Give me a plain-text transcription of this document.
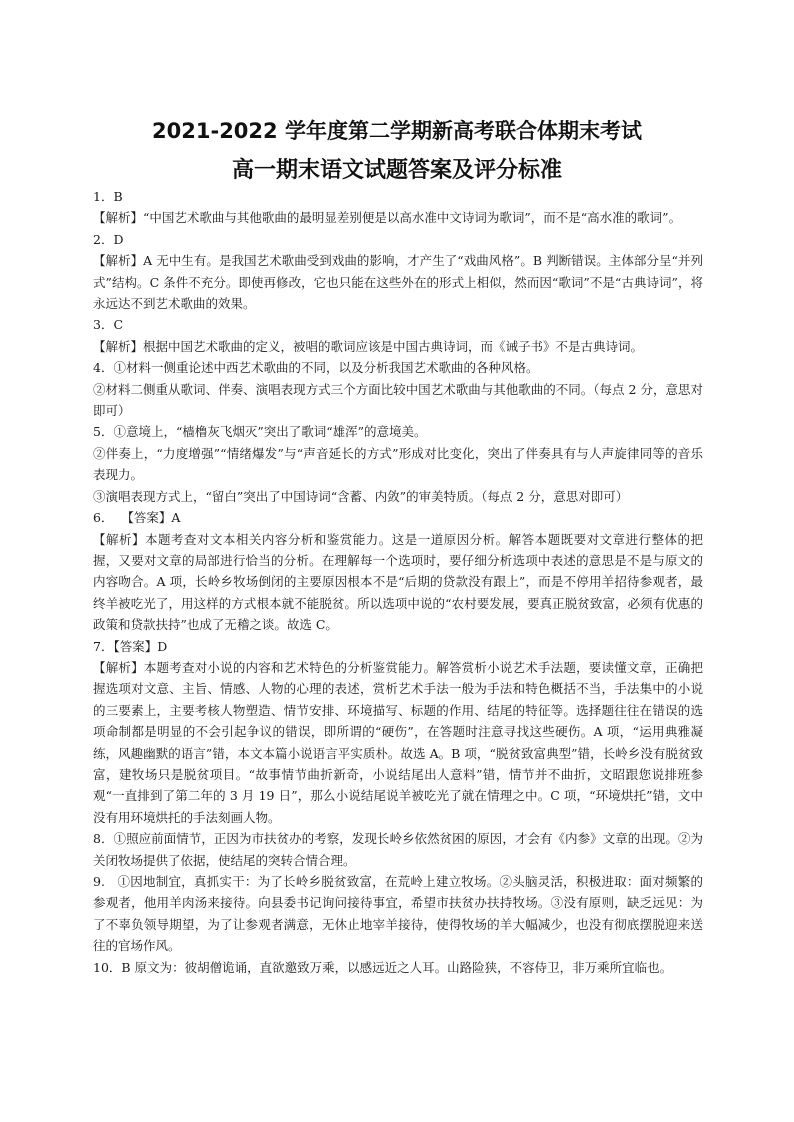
2021-2022 学年度第二学期新高考联合体期末考试
高一期末语文试题答案及评分标准

1．B

【解析】“中国艺术歌曲与其他歌曲的最明显差别便是以高水准中文诗词为歌词”，而不是“高水准的歌词”。

2．D

【解析】A 无中生有。是我国艺术歌曲受到戏曲的影响，才产生了“戏曲风格”。B 判断错误。主体部分呈“并列式”结构。C 条件不充分。即使再修改，它也只能在这些外在的形式上相似，然而因“歌词”不是“古典诗词”，将永远达不到艺术歌曲的效果。

3．C

【解析】根据中国艺术歌曲的定义，被唱的歌词应该是中国古典诗词，而《诫子书》不是古典诗词。

4．①材料一侧重论述中西艺术歌曲的不同，以及分析我国艺术歌曲的各种风格。

②材料二侧重从歌词、伴奏、演唱表现方式三个方面比较中国艺术歌曲与其他歌曲的不同。（每点 2 分，意思对即可）

5．①意境上，“樯橹灰飞烟灭”突出了歌词“雄浑”的意境美。

②伴奏上，“力度增强”“情绪爆发”与“声音延长的方式”形成对比变化，突出了伴奏具有与人声旋律同等的音乐表现力。

③演唱表现方式上，“留白”突出了中国诗词“含蓄、内敛”的审美特质。（每点 2 分，意思对即可）

6．  【答案】A

【解析】本题考查对文本相关内容分析和鉴赏能力。这是一道原因分析。解答本题既要对文章进行整体的把握，又要对文章的局部进行恰当的分析。在理解每一个选项时，要仔细分析选项中表述的意思是不是与原文的内容吻合。A 项，长岭乡牧场倒闭的主要原因根本不是“后期的贷款没有跟上”，而是不停用羊招待参观者，最终羊被吃光了，用这样的方式根本就不能脱贫。所以选项中说的“农村要发展，要真正脱贫致富，必须有优惠的政策和贷款扶持”也成了无稽之谈。故选 C。

7．【答案】D

【解析】本题考查对小说的内容和艺术特色的分析鉴赏能力。解答赏析小说艺术手法题，要读懂文章，正确把握选项对文意、主旨、情感、人物的心理的表述，赏析艺术手法一般为手法和特色概括不当，手法集中的小说的三要素上，主要考核人物塑造、情节安排、环境描写、标题的作用、结尾的特征等。选择题往往在错误的选项命制都是明显的不会引起争议的错误，即所谓的“硬伤”，在答题时注意寻找这些硬伤。A 项，“运用典雅凝练，风趣幽默的语言”错，本文本篇小说语言平实质朴。故选 A。B 项，“脱贫致富典型”错，长岭乡没有脱贫致富，建牧场只是脱贫项目。“故事情节曲折新奇，小说结尾出人意料”错，情节并不曲折，文昭跟您说排班参观“一直排到了第二年的 3 月 19 日”，那么小说结尾说羊被吃光了就在情理之中。C 项，“环境烘托”错，文中没有用环境烘托的手法刻画人物。

8．①照应前面情节，正因为市扶贫办的考察，发现长岭乡依然贫困的原因，才会有《内参》文章的出现。②为关闭牧场提供了依据，使结尾的突转合情合理。

9.   ①因地制宜，真抓实干：为了长岭乡脱贫致富，在荒岭上建立牧场。②头脑灵活，积极进取：面对频繁的参观者，他用羊肉汤来接待。向县委书记询问接待事宜，希望市扶贫办扶持牧场。③没有原则，缺乏远见：为了不辜负领导期望，为了让参观者满意，无休止地宰羊接待，使得牧场的羊大幅减少，也没有彻底摆脱迎来送往的官场作风。

10．B 原文为：彼胡僧诡诵，直欲邀致万乘，以感远近之人耳。山路险狭，不容侍卫，非万乘所宜临也。
